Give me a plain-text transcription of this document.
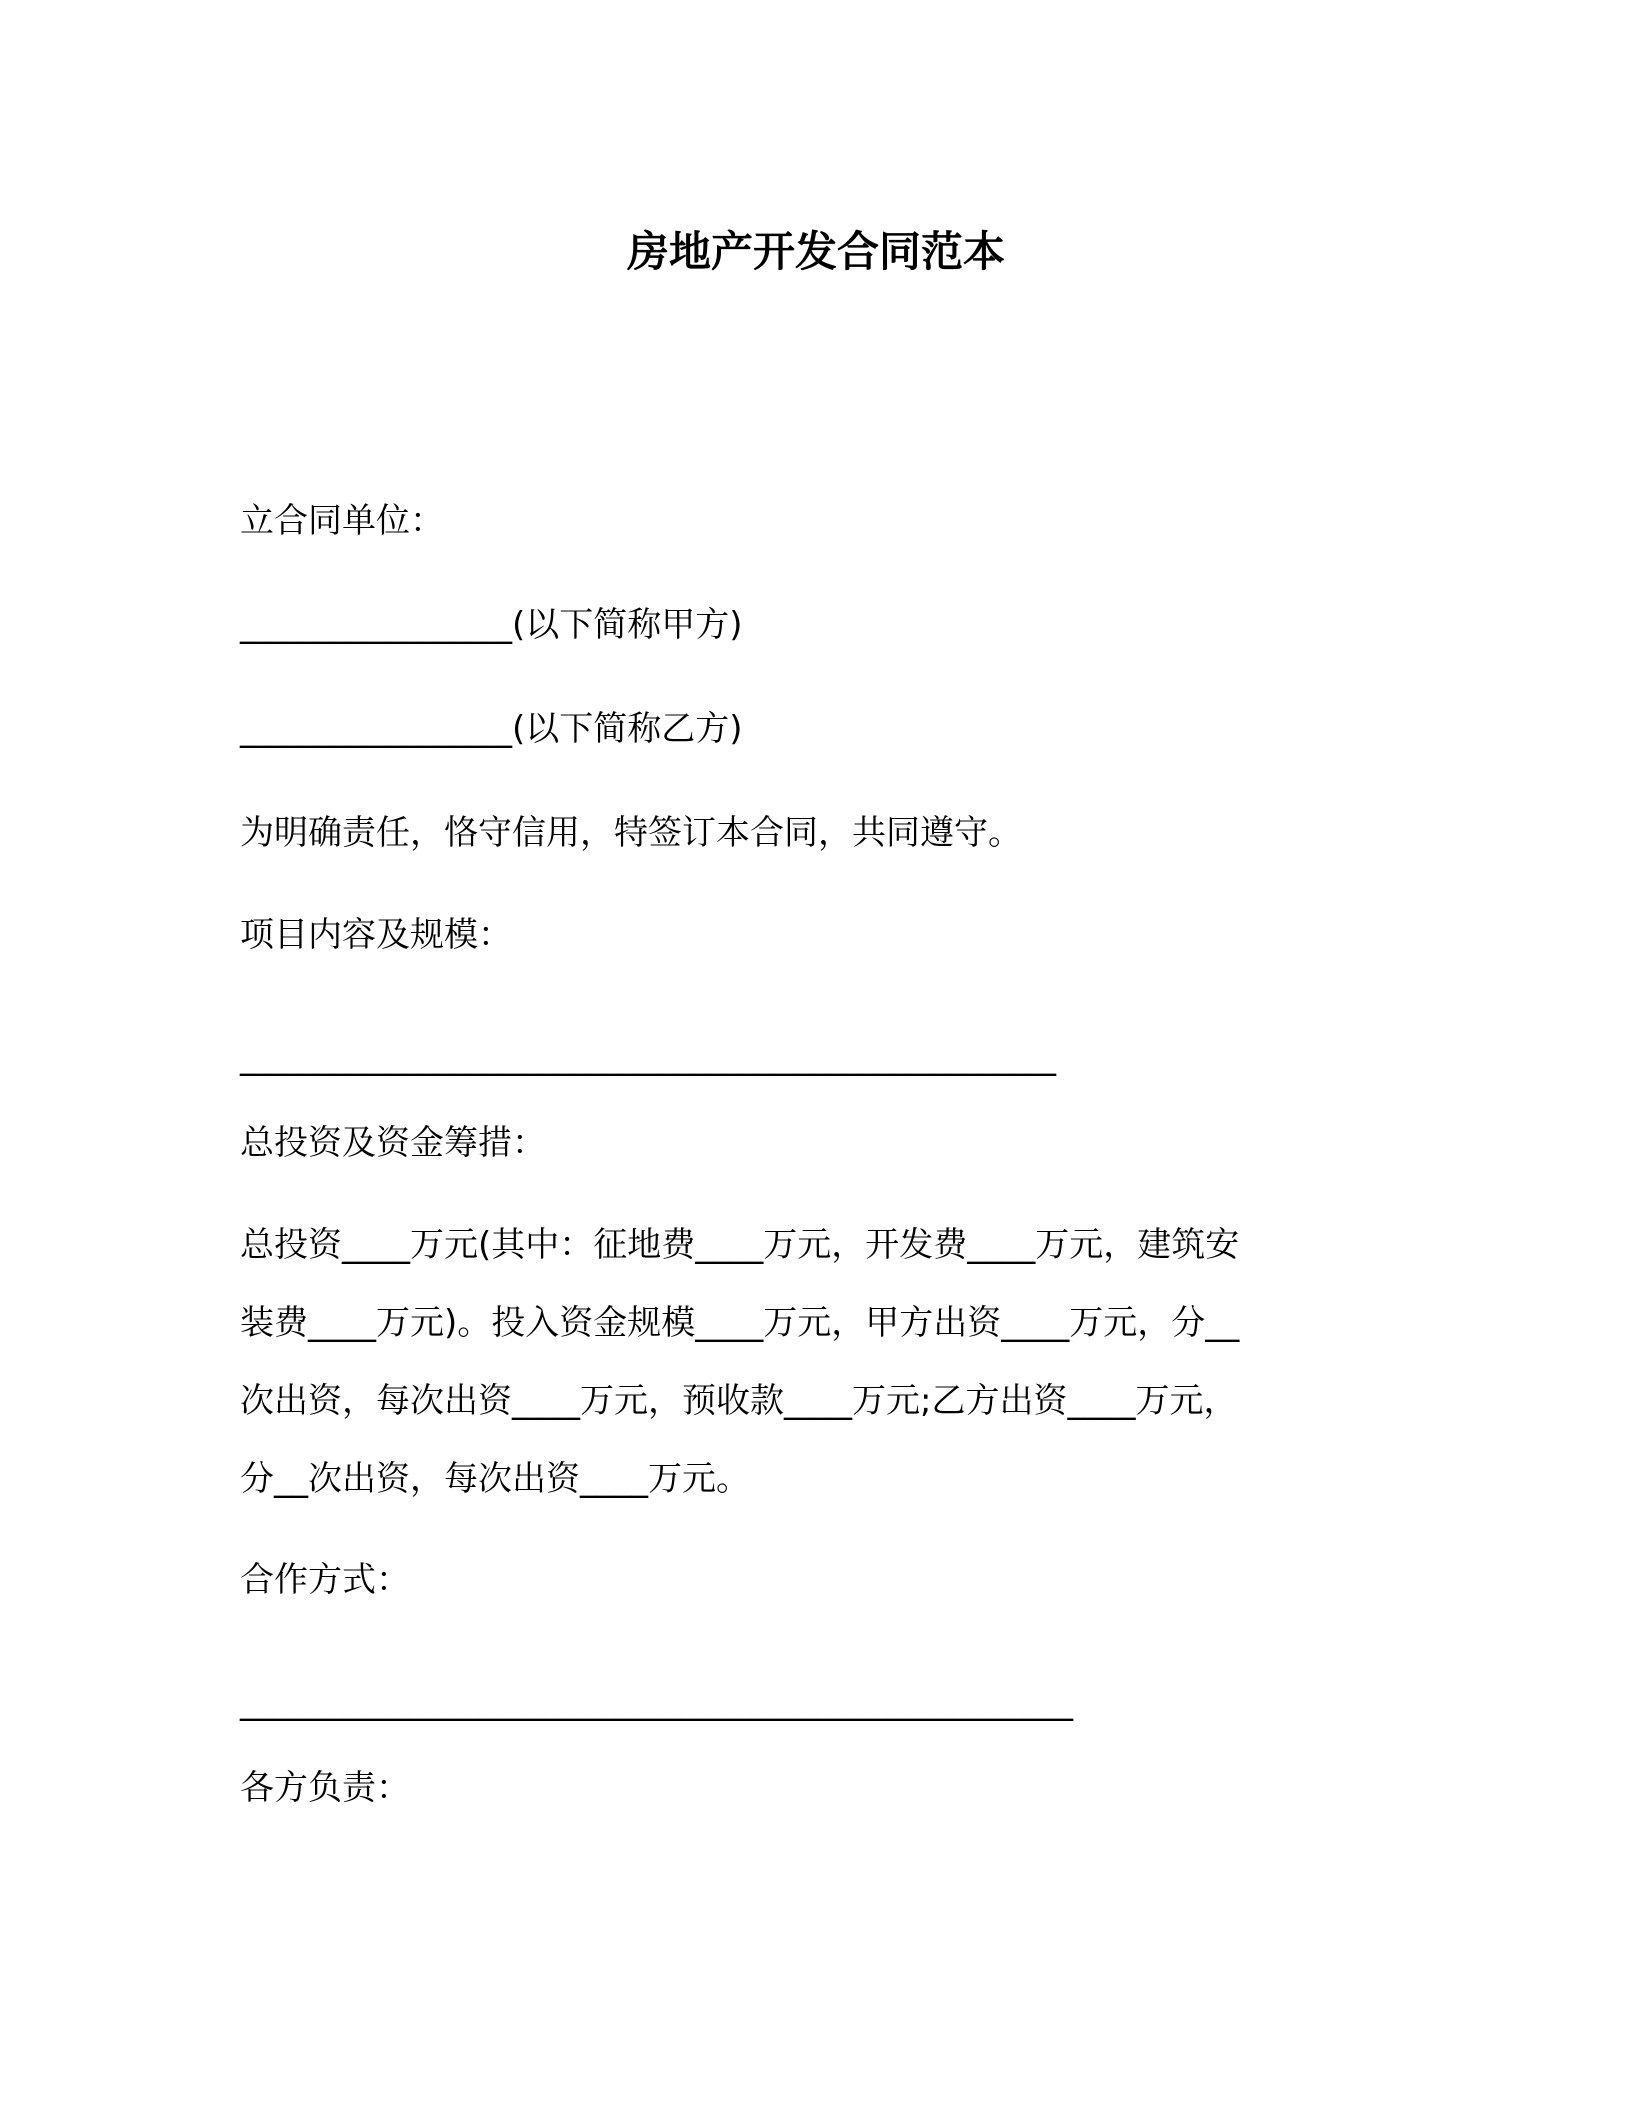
房地产开发合同范本
立合同单位：
________________(以下简称甲方)
________________(以下简称乙方)
为明确责任，恪守信用，特签订本合同，共同遵守。
项目内容及规模：
________________________________________________
总投资及资金筹措：
总投资____万元(其中：征地费____万元，开发费____万元，建筑安
装费____万元)。投入资金规模____万元，甲方出资____万元，分__
次出资，每次出资____万元，预收款____万元;乙方出资____万元，
分__次出资，每次出资____万元。
合作方式：
_________________________________________________
各方负责：
